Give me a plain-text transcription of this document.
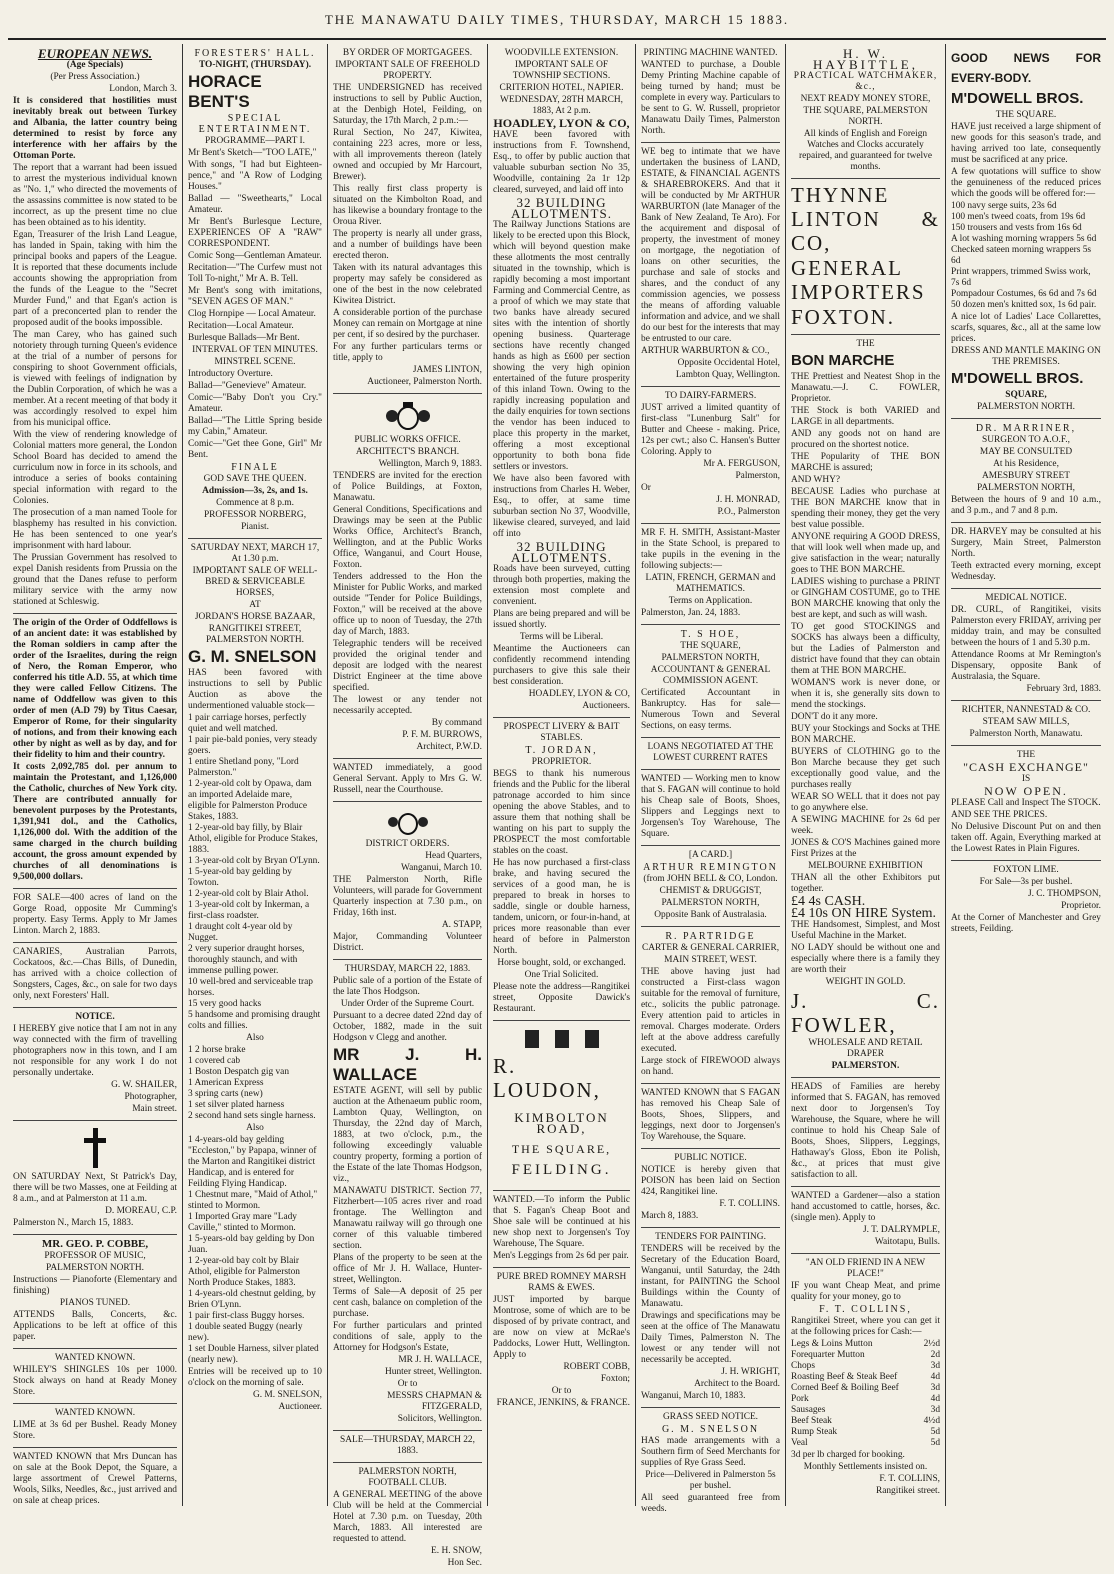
THE MANAWATU DAILY TIMES, THURSDAY, MARCH 15 1883.

EUROPEAN NEWS.

(Age Specials)

(Per Press Association.)

London, March 3.

It is considered that hostilities must inevitably break out between Turkey and Albania, the latter country being determined to resist by force any interference with her affairs by the Ottoman Porte.

The report that a warrant had been issued to arrest the mysterious individual known as "No. 1," who directed the movements of the assassins committee is now stated to be incorrect, as up the present time no clue has been obtained as to his identity.

Egan, Treasurer of the Irish Land League, has landed in Spain, taking with him the principal books and papers of the League. It is reported that these documents include accounts showing the appropriation from the funds of the League to the "Secret Murder Fund," and that Egan's action is part of a preconcerted plan to render the proposed audit of the books impossible.

The man Carey, who has gained such notoriety through turning Queen's evidence at the trial of a number of persons for conspiring to shoot Government officials, is viewed with feelings of indignation by the Dublin Corporation, of which he was a member. At a recent meeting of that body it was accordingly resolved to expel him from his municipal office.

With the view of rendering knowledge of Colonial matters more general, the London School Board has decided to amend the curriculum now in force in its schools, and introduce a series of books containing special information with regard to the Colonies.

The prosecution of a man named Toole for blasphemy has resulted in his conviction. He has been sentenced to one year's imprisonment with hard labour.

The Prussian Government has resolved to expel Danish residents from Prussia on the ground that the Danes refuse to perform military service with the army now stationed at Schleswig.

The origin of the Order of Oddfellows is of an ancient date: it was established by the Roman soldiers in camp after the order of the Israelites, during the reign of Nero, the Roman Emperor, who conferred his title A.D. 55, at which time they were called Fellow Citizens. The name of Oddfellow was given to this order of men (A.D 79) by Titus Caesar, Emperor of Rome, for their singularity of notions, and from their knowing each other by night as well as by day, and for their fidelity to him and their country.

It costs 2,092,785 dol. per annum to maintain the Protestant, and 1,126,000 the Catholic, churches of New York city. There are contributed annually for benevolent purposes by the Protestants, 1,391,941 dol., and the Catholics, 1,126,000 dol. With the addition of the same charged in the church building account, the gross amount expended by churches of all denominations is 9,500,000 dollars.

FOR SALE—400 acres of land on the Gorge Road, opposite Mr Cumming's property. Easy Terms. Apply to Mr James Linton. March 2, 1883.

CANARIES, Australian Parrots, Cockatoos, &c.—Chas Bills, of Dunedin, has arrived with a choice collection of Songsters, Cages, &c., on sale for two days only, next Foresters' Hall.

NOTICE.

I HEREBY give notice that I am not in any way connected with the firm of travelling photographers now in this town, and I am not responsible for any work I do not personally undertake.

G. W. SHAILER,

Photographer,

Main street.

ON SATURDAY Next, St Patrick's Day, there will be two Masses, one at Feilding at 8 a.m., and at Palmerston at 11 a.m.

D. MOREAU, C.P.

Palmerston N., March 15, 1883.

MR. GEO. P. COBBE,

PROFESSOR OF MUSIC,

PALMERSTON NORTH.

Instructions — Pianoforte (Elementary and finishing)

PIANOS TUNED.

ATTENDS Balls, Concerts, &c. Applications to be left at office of this paper.

WANTED KNOWN.

WHILEY'S SHINGLES 10s per 1000. Stock always on hand at Ready Money Store.

WANTED KNOWN.

LIME at 3s 6d per Bushel. Ready Money Store.

WANTED KNOWN that Mrs Duncan has on sale at the Book Depot, the Square, a large assortment of Crewel Patterns, Wools, Silks, Needles, &c., just arrived and on sale at cheap prices.

FORESTERS' HALL.

TO-NIGHT, (THURSDAY).

HORACE BENT'S

SPECIAL ENTERTAINMENT.

PROGRAMME—PART I.

Mr Bent's Sketch—"TOO LATE,"

With songs, "I had but Eighteen-pence," and "A Row of Lodging Houses."

Ballad — "Sweethearts," Local Amateur.

Mr Bent's Burlesque Lecture, EXPERIENCES OF A "RAW" CORRESPONDENT.

Comic Song—Gentleman Amateur.

Recitation—"The Curfew must not Toll To-night," Mr A. B. Tell.

Mr Bent's song with imitations, "SEVEN AGES OF MAN."

Clog Hornpipe — Local Amateur.

Recitation—Local Amateur.

Burlesque Ballads—Mr Bent.

INTERVAL OF TEN MINUTES.

MINSTREL SCENE.

Introductory Overture.

Ballad—"Genevieve" Amateur.

Comic—"Baby Don't you Cry." Amateur.

Ballad—"The Little Spring beside my Cabin," Amateur.

Comic—"Get thee Gone, Girl" Mr Bent.

FINALE

GOD SAVE THE QUEEN.

Admission—3s, 2s, and 1s.

Commence at 8 p.m.

PROFESSOR NORBERG,

Pianist.

SATURDAY NEXT, MARCH 17, At 1.30 p.m.

IMPORTANT SALE OF WELL-BRED & SERVICEABLE HORSES,

AT

JORDAN'S HORSE BAZAAR,

RANGITIKEI STREET, PALMERSTON NORTH.

G. M. SNELSON

HAS been favored with instructions to sell by Public Auction as above the undermentioned valuable stock—

1 pair carriage horses, perfectly quiet and well matched.
1 pair pie-bald ponies, very steady goers.
1 entire Shetland pony, "Lord Palmerston."
1 2-year-old colt by Opawa, dam an imported Adelaide mare, eligible for Palmerston Produce Stakes, 1883.
1 2-year-old bay filly, by Blair Athol, eligible for Produce Stakes, 1883.
1 3-year-old colt by Bryan O'Lynn.
1 5-year-old bay gelding by Towton.
1 2-year-old colt by Blair Athol.
1 3-year-old colt by Inkerman, a first-class roadster.
1 draught colt 4-year old by Nugget.
2 very superior draught horses, thoroughly staunch, and with immense pulling power.
10 well-bred and serviceable trap horses.
15 very good hacks
5 handsome and promising draught colts and fillies.

Also

1 2 horse brake
1 covered cab
1 Boston Despatch gig van
1 American Express
3 spring carts (new)
1 set silver plated harness
2 second hand sets single harness.

Also

1 4-years-old bay gelding "Eccleston," by Papapa, winner of the Marton and Rangitikei district Handicap, and is entered for Feilding Flying Handicap.
1 Chestnut mare, "Maid of Athol," stinted to Mormon.
1 Imported Gray mare "Lady Caville," stinted to Mormon.
1 5-years-old bay gelding by Don Juan.
1 2-year-old bay colt by Blair Athol, eligible for Palmerston North Produce Stakes, 1883.
1 4-years-old chestnut gelding, by Brien O'Lynn.
1 pair first-class Buggy horses.
1 double seated Buggy (nearly new).
1 set Double Harness, silver plated (nearly new).

Entries will be received up to 10 o'clock on the morning of sale.

G. M. SNELSON,

Auctioneer.

BY ORDER OF MORTGAGEES.

IMPORTANT SALE OF FREEHOLD PROPERTY.

THE UNDERSIGNED has received instructions to sell by Public Auction, at the Denbigh Hotel, Feilding, on Saturday, the 17th March, 2 p.m.:—

Rural Section, No 247, Kiwitea, containing 223 acres, more or less, with all improvements thereon (lately owned and occupied by Mr Harcourt, Brewer).

This really first class property is situated on the Kimbolton Road, and has likewise a boundary frontage to the Oroua River.

The property is nearly all under grass, and a number of buildings have been erected theron.

Taken with its natural advantages this property may safely be considered as one of the best in the now celebrated Kiwitea District.

A considerable portion of the purchase Money can remain on Mortgage at nine per cent, if so desired by the purchaser.

For any further particulars terms or title, apply to

JAMES LINTON,

Auctioneer, Palmerston North.

PUBLIC WORKS OFFICE.

ARCHITECT'S BRANCH.

Wellington, March 9, 1883.

TENDERS are invited for the erection of Police Buildings, at Foxton, Manawatu.

General Conditions, Specifications and Drawings may be seen at the Public Works Office, Architect's Branch, Wellington, and at the Public Works Office, Wanganui, and Court House, Foxton.

Tenders addressed to the Hon the Minister for Public Works, and marked outside "Tender for Police Buildings, Foxton," will be received at the above office up to noon of Tuesday, the 27th day of March, 1883.

Telegraphic tenders will be received provided the original tender and deposit are lodged with the nearest District Engineer at the time above specified.

The lowest or any tender not necessarily accepted.

By command

P. F. M. BURROWS,

Architect, P.W.D.

WANTED immediately, a good General Servant. Apply to Mrs G. W. Russell, near the Courthouse.

DISTRICT ORDERS.

Head Quarters,

Wanganui, March 10.

THE Palmerston North, Rifle Volunteers, will parade for Government Quarterly inspection at 7.30 p.m., on Friday, 16th inst.

A. STAPP,

Major, Commanding Volunteer District.

THURSDAY, MARCH 22, 1883.

Public sale of a portion of the Estate of the late Thos Hodgson.

Under Order of the Supreme Court.

Pursuant to a decree dated 22nd day of October, 1882, made in the suit Hodgson v Clegg and another.

MR J. H. WALLACE

ESTATE AGENT, will sell by public auction at the Athenaeum public room, Lambton Quay, Wellington, on Thursday, the 22nd day of March, 1883, at two o'clock, p.m., the following exceedingly valuable country property, forming a portion of the Estate of the late Thomas Hodgson, viz.,

MANAWATU DISTRICT. Section 77, Fitzherbert—105 acres river and road frontage. The Wellington and Manawatu railway will go through one corner of this valuable timbered section.

Plans of the property to be seen at the office of Mr J. H. Wallace, Hunter-street, Wellington.

Terms of Sale—A deposit of 25 per cent cash, balance on completion of the purchase.

For further particulars and printed conditions of sale, apply to the Attorney for Hodgson's Estate,

MR J. H. WALLACE,

Hunter street, Wellington.

Or to

MESSRS CHAPMAN & FITZGERALD,

Solicitors, Wellington.

SALE—THURSDAY, MARCH 22, 1883.

PALMERSTON NORTH, FOOTBALL CLUB.

A GENERAL MEETING of the above Club will be held at the Commercial Hotel at 7.30 p.m. on Tuesday, 20th March, 1883. All interested are requested to attend.

E. H. SNOW,

Hon Sec.

WOODVILLE EXTENSION.

IMPORTANT SALE OF TOWNSHIP SECTIONS.

CRITERION HOTEL, NAPIER.

WEDNESDAY, 28TH MARCH, 1883, At 2 p.m.

HOADLEY, LYON & CO,

HAVE been favored with instructions from F. Townshend, Esq., to offer by public auction that valuable suburban section No 35, Woodville, containing 2a 1r 12p cleared, surveyed, and laid off into

32 BUILDING ALLOTMENTS.

The Railway Junctions Stations are likely to be erected upon this Block, which will beyond question make these allotments the most centrally situated in the township, which is rapidly becoming a most important Farming and Commercial Centre, as a proof of which we may state that two banks have already secured sites with the intention of shortly opening business. Quarterage sections have recently changed hands as high as £600 per section showing the very high opinion entertained of the future prosperity of this inland Town. Owing to the rapidly increasing population and the daily enquiries for town sections the vendor has been induced to place this property in the market, offering a most exceptional opportunity to both bona fide settlers or investors.

We have also been favored with instructions from Charles H. Weber, Esq., to offer, at same time suburban section No 37, Woodville, likewise cleared, surveyed, and laid off into

32 BUILDING ALLOTMENTS.

Roads have been surveyed, cutting through both properties, making the extension most complete and convenient.

Plans are being prepared and will be issued shortly.

Terms will be Liberal.

Meantime the Auctioneers can confidently recommend intending purchasers to give this sale their best consideration.

HOADLEY, LYON & CO,

Auctioneers.

PROSPECT LIVERY & BAIT STABLES.

T. JORDAN,

PROPRIETOR.

BEGS to thank his numerous friends and the Public for the liberal patronage accorded to him since opening the above Stables, and to assure them that nothing shall be wanting on his part to supply the PROSPECT the most comfortable stables on the coast.

He has now purchased a first-class brake, and having secured the services of a good man, he is prepared to break in horses to saddle, single or double harness, tandem, unicorn, or four-in-hand, at prices more reasonable than ever heard of before in Palmerston North.

Horse bought, sold, or exchanged.

One Trial Solicited.

Please note the address—Rangitikei street, Opposite Dawick's Restaurant.

R. LOUDON,

KIMBOLTON ROAD,

THE SQUARE,

FEILDING.

WANTED.—To inform the Public that S. Fagan's Cheap Boot and Shoe sale will be continued at his new shop next to Jorgensen's Toy Warehouse, The Square.

Men's Leggings from 2s 6d per pair.

PURE BRED ROMNEY MARSH RAMS & EWES.

JUST imported by barque Montrose, some of which are to be disposed of by private contract, and are now on view at McRae's Paddocks, Lower Hutt, Wellington. Apply to

ROBERT COBB,

Foxton;

Or to

FRANCE, JENKINS, & FRANCE.

PRINTING MACHINE WANTED.

WANTED to purchase, a Double Demy Printing Machine capable of being turned by hand; must be complete in every way. Particulars to be sent to G. W. Russell, proprietor Manawatu Daily Times, Palmerston North.

WE beg to intimate that we have undertaken the business of LAND, ESTATE, & FINANCIAL AGENTS & SHAREBROKERS. And that it will be conducted by Mr ARTHUR WARBURTON (late Manager of the Bank of New Zealand, Te Aro). For the acquirement and disposal of property, the investment of money on mortgage, the negotiation of loans on other securities, the purchase and sale of stocks and shares, and the conduct of any commission agencies, we possess the means of affording valuable information and advice, and we shall do our best for the interests that may be entrusted to our care.

ARTHUR WARBURTON & CO.,

Opposite Occidental Hotel,

Lambton Quay, Wellington.

TO DAIRY-FARMERS.

JUST arrived a limited quantity of first-class "Lunenburg Salt" for Butter and Cheese - making. Price, 12s per cwt.; also C. Hansen's Butter Coloring. Apply to

Mr A. FERGUSON,

Palmerston,

Or

J. H. MONRAD,

P.O., Palmerston

MR F. H. SMITH, Assistant-Master in the State School, is prepared to take pupils in the evening in the following subjects:—

LATIN, FRENCH, GERMAN and MATHEMATICS.

Terms on Application.

Palmerston, Jan. 24, 1883.

T. S HOE,

THE SQUARE,

PALMERSTON NORTH,

ACCOUNTANT & GENERAL COMMISSION AGENT.

Certificated Accountant in Bankruptcy. Has for sale—Numerous Town and Several Sections, on easy terms.

LOANS NEGOTIATED AT THE LOWEST CURRENT RATES

WANTED — Working men to know that S. FAGAN will continue to hold his Cheap sale of Boots, Shoes, Slippers and Leggings next to Jorgensen's Toy Warehouse, The Square.

[A CARD.]

ARTHUR REMINGTON

(from JOHN BELL & CO, London.

CHEMIST & DRUGGIST,

PALMERSTON NORTH,

Opposite Bank of Australasia.

R. PARTRIDGE

CARTER & GENERAL CARRIER,

MAIN STREET, WEST.

THE above having just had constructed a First-class wagon suitable for the removal of furniture, etc., solicits the public patronage. Every attention paid to articles in removal. Charges moderate. Orders left at the above address carefully executed.

Large stock of FIREWOOD always on hand.

WANTED KNOWN that S FAGAN has removed his Cheap Sale of Boots, Shoes, Slippers, and leggings, next door to Jorgensen's Toy Warehouse, the Square.

PUBLIC NOTICE.

NOTICE is hereby given that POISON has been laid on Section 424, Rangitikei line.

F. T. COLLINS.

March 8, 1883.

TENDERS FOR PAINTING.

TENDERS will be received by the Secretary of the Education Board, Wanganui, until Saturday, the 24th instant, for PAINTING the School Buildings within the County of Manawatu.

Drawings and specifications may be seen at the office of The Manawatu Daily Times, Palmerston N. The lowest or any tender will not necessarily be accepted.

J. H. WRIGHT,

Architect to the Board.

Wanganui, March 10, 1883.

GRASS SEED NOTICE.

G. M. SNELSON

HAS made arrangements with a Southern firm of Seed Merchants for supplies of Rye Grass Seed.

Price—Delivered in Palmerston 5s per bushel.

All seed guaranteed free from weeds.

H. W. HAYBITTLE,

PRACTICAL WATCHMAKER, &c.,

NEXT READY MONEY STORE,

THE SQUARE, PALMERSTON NORTH.

All kinds of English and Foreign Watches and Clocks accurately repaired, and guaranteed for twelve months.

THYNNE LINTON & CO,

GENERAL IMPORTERS

FOXTON.

THE

BON MARCHE

THE Prettiest and Neatest Shop in the Manawatu.—J. C. FOWLER, Proprietor.

THE Stock is both VARIED and LARGE in all departments.

AND any goods not on hand are procured on the shortest notice.

THE Popularity of THE BON MARCHE is assured;

AND WHY?

BECAUSE Ladies who purchase at THE BON MARCHE know that in spending their money, they get the very best value possible.

ANYONE requiring A GOOD DRESS, that will look well when made up, and give satisfaction in the wear; naturally goes to THE BON MARCHE.

LADIES wishing to purchase a PRINT or GINGHAM COSTUME, go to THE BON MARCHE knowing that only the best are kept, and such as will wash.

TO get good STOCKINGS and SOCKS has always been a difficulty, but the Ladies of Palmerston and district have found that they can obtain them at THE BON MARCHE.

WOMAN'S work is never done, or when it is, she generally sits down to mend the stockings.

DON'T do it any more.

BUY your Stockings and Socks at THE BON MARCHE.

BUYERS of CLOTHING go to the Bon Marche because they get such exceptionally good value, and the purchases really

WEAR SO WELL that it does not pay to go anywhere else.

A SEWING MACHINE for 2s 6d per week.

JONES & CO'S Machines gained more First Prizes at the

MELBOURNE EXHIBITION

THAN all the other Exhibitors put together.

£4 4s CASH.

£4 10s ON HIRE System.

THE Handsomest, Simplest, and Most Useful Machine in the Market.

NO LADY should be without one and especially where there is a family they are worth their

WEIGHT IN GOLD.

J. C. FOWLER,

WHOLESALE AND RETAIL DRAPER

PALMERSTON.

HEADS of Families are hereby informed that S. FAGAN, has removed next door to Jorgensen's Toy Warehouse, the Square, where he will continue to hold his Cheap Sale of Boots, Shoes, Slippers, Leggings, Hathaway's Gloss, Ebon ite Polish, &c., at prices that must give satisfaction to all.

WANTED a Gardener—also a station hand accustomed to cattle, horses, &c. (single men). Apply to

J. T. DALRYMPLE,

Waitotapu, Bulls.

"AN OLD FRIEND IN A NEW PLACE!"

IF you want Cheap Meat, and prime quality for your money, go to

F. T. COLLINS,

Rangitikei Street, where you can get it at the following prices for Cash:—

Legs & Loins Mutton	2½d
Forequarter Mutton	2d
Chops	3d
Roasting Beef & Steak Beef	4d
Corned Beef & Boiling Beef	3d
Pork	4d
Sausages	3d
Beef Steak	4½d
Rump Steak	5d
Veal	5d

3d per lb charged for booking.

Monthly Settlements insisted on.

F. T. COLLINS,

Rangitikei street.

GOOD NEWS FOR EVERY-BODY.

M'DOWELL BROS.

THE SQUARE.

HAVE just received a large shipment of new goods for this season's trade, and having arrived too late, consequently must be sacrificed at any price.

A few quotations will suffice to show the genuineness of the reduced prices which the goods will be offered for:—

100 navy serge suits, 23s 6d
100 men's tweed coats, from 19s 6d
150 trousers and vests from 16s 6d
A lot washing morning wrappers 5s 6d
Checked sateen morning wrappers 5s 6d
Print wrappers, trimmed Swiss work, 7s 6d
Pompadour Costumes, 6s 6d and 7s 6d
50 dozen men's knitted sox, 1s 6d pair.

A nice lot of Ladies' Lace Collarettes, scarfs, squares, &c., all at the same low prices.

DRESS AND MANTLE MAKING ON THE PREMISES.

M'DOWELL BROS.

SQUARE,

PALMERSTON NORTH.

DR. MARRINER,

SURGEON TO A.O.F.,

MAY BE CONSULTED

At his Residence,

AMESBURY STREET

PALMERSTON NORTH,

Between the hours of 9 and 10 a.m., and 3 p.m., and 7 and 8 p.m.

DR. HARVEY may be consulted at his Surgery, Main Street, Palmerston North.

Teeth extracted every morning, except Wednesday.

MEDICAL NOTICE.

DR. CURL, of Rangitikei, visits Palmerston every FRIDAY, arriving per midday train, and may be consulted between the hours of 1 and 5.30 p.m.

Attendance Rooms at Mr Remington's Dispensary, opposite Bank of Australasia, the Square.

February 3rd, 1883.

RICHTER, NANNESTAD & CO.

STEAM SAW MILLS,

Palmerston North, Manawatu.

THE

"CASH EXCHANGE"

IS

NOW OPEN.

PLEASE Call and Inspect The STOCK.

AND SEE THE PRICES.

No Delusive Discount Put on and then taken off. Again, Everything marked at the Lowest Rates in Plain Figures.

FOXTON LIME.

For Sale—3s per bushel.

J. C. THOMPSON,

Proprietor.

At the Corner of Manchester and Grey streets, Feilding.
